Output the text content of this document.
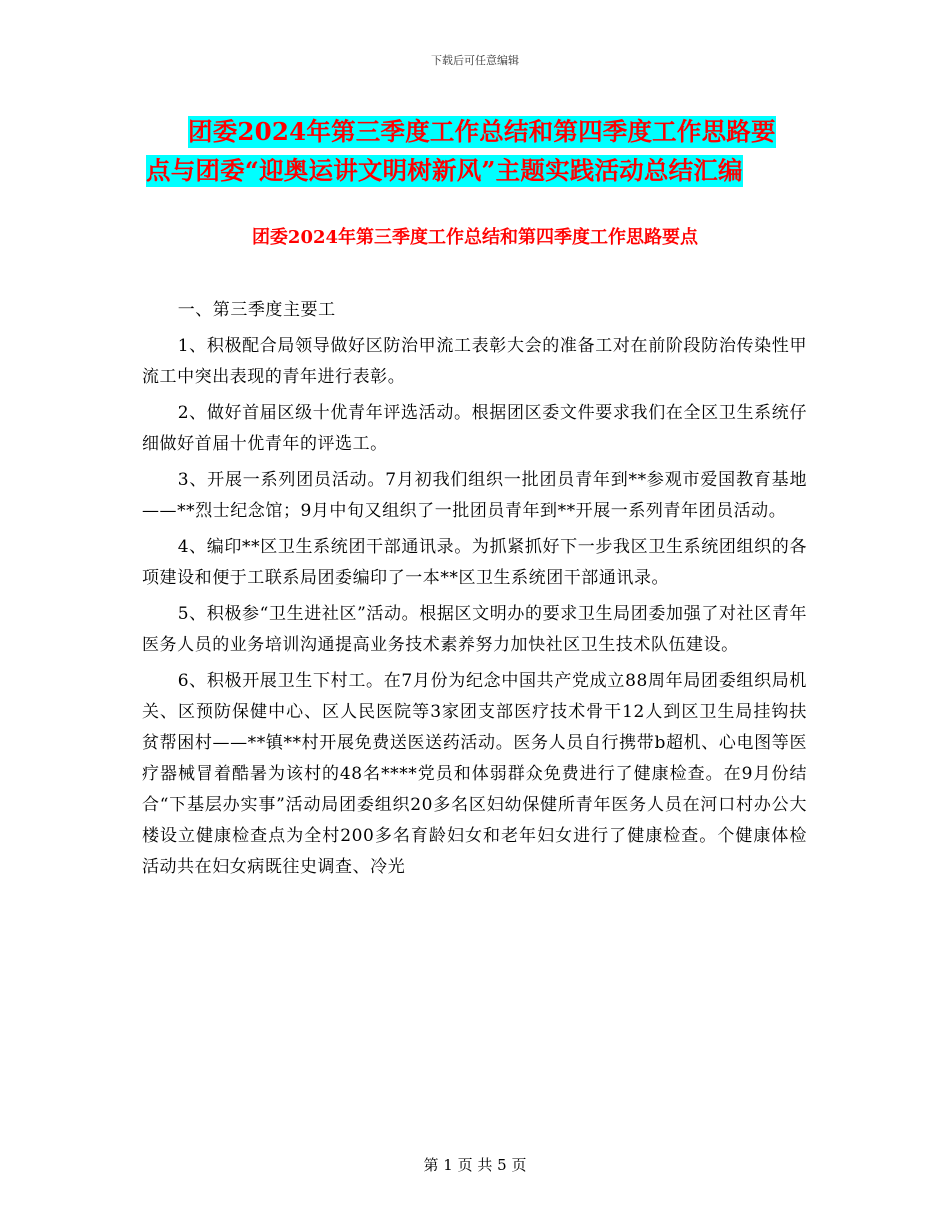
下载后可任意编辑
团委2024年第三季度工作总结和第四季度工作思路要
点与团委“迎奥运讲文明树新风”主题实践活动总结汇编
团委2024年第三季度工作总结和第四季度工作思路要点

一、第三季度主要工

1、积极配合局领导做好区防治甲流工表彰大会的准备工对在前阶段防治传染性甲流工中突出表现的青年进行表彰。

2、做好首届区级十优青年评选活动。根据团区委文件要求我们在全区卫生系统仔细做好首届十优青年的评选工。

3、开展一系列团员活动。7月初我们组织一批团员青年到**参观市爱国教育基地——**烈士纪念馆；9月中旬又组织了一批团员青年到**开展一系列青年团员活动。

4、编印**区卫生系统团干部通讯录。为抓紧抓好下一步我区卫生系统团组织的各项建设和便于工联系局团委编印了一本**区卫生系统团干部通讯录。

5、积极参“卫生进社区”活动。根据区文明办的要求卫生局团委加强了对社区青年医务人员的业务培训沟通提高业务技术素养努力加快社区卫生技术队伍建设。

6、积极开展卫生下村工。在7月份为纪念中国共产党成立88周年局团委组织局机关、区预防保健中心、区人民医院等3家团支部医疗技术骨干12人到区卫生局挂钩扶贫帮困村——**镇**村开展免费送医送药活动。医务人员自行携带b超机、心电图等医疗器械冒着酷暑为该村的48名****党员和体弱群众免费进行了健康检查。在9月份结合“下基层办实事”活动局团委组织20多名区妇幼保健所青年医务人员在河口村办公大楼设立健康检查点为全村200多名育龄妇女和老年妇女进行了健康检查。个健康体检活动共在妇女病既往史调查、冷光

第 1 页 共 5 页
